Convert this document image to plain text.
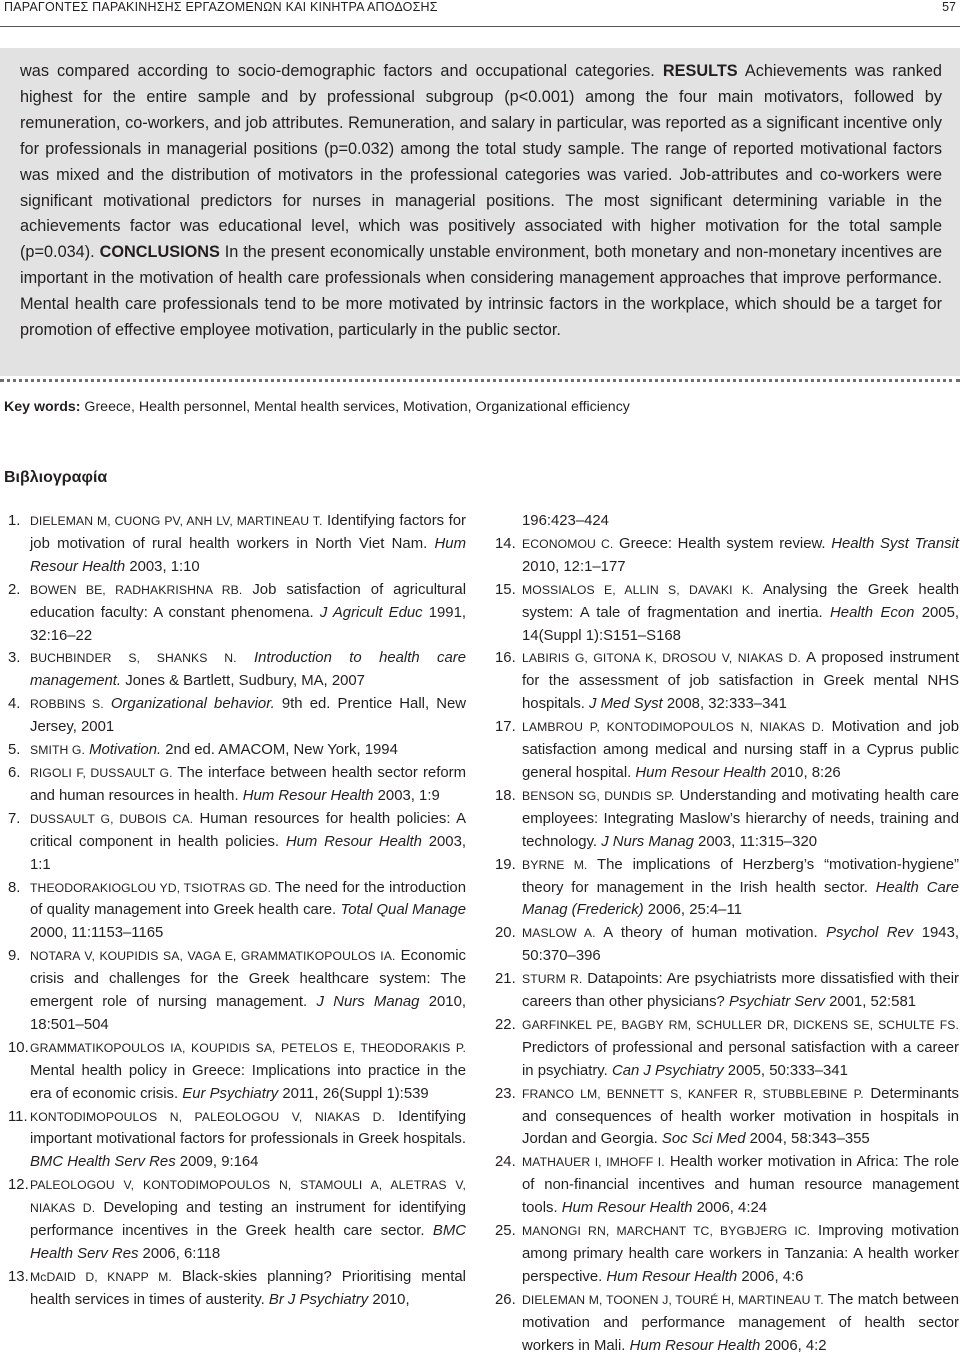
ΠΑΡΑΓΟΝΤΕΣ ΠΑΡΑΚΙΝΗΣΗΣ ΕΡΓΑΖΟΜΕΝΩΝ ΚΑΙ ΚΙΝΗΤΡΑ ΑΠΟΔΟΣΗΣ	57

was compared according to socio-demographic factors and occupational categories. RESULTS Achievements was ranked highest for the entire sample and by professional subgroup (p<0.001) among the four main motivators, followed by remuneration, co-workers, and job attributes. Remuneration, and salary in particular, was reported as a significant incentive only for professionals in managerial positions (p=0.032) among the total study sample. The range of reported motivational factors was mixed and the distribution of motivators in the professional categories was varied. Job-attributes and co-workers were significant motivational predictors for nurses in managerial positions. The most significant determining variable in the achievements factor was educational level, which was positively associated with higher motivation for the total sample (p=0.034). CONCLUSIONS In the present economically unstable environment, both monetary and non-monetary incentives are important in the motivation of health care professionals when considering management approaches that improve performance. Mental health care professionals tend to be more motivated by intrinsic factors in the workplace, which should be a target for promotion of effective employee motivation, particularly in the public sector.

Key words: Greece, Health personnel, Mental health services, Motivation, Organizational efficiency

Βιβλιογραφία
1. DIELEMAN M, CUONG PV, ANH LV, MARTINEAU T. Identifying factors for job motivation of rural health workers in North Viet Nam. Hum Resour Health 2003, 1:10
2. BOWEN BE, RADHAKRISHNA RB. Job satisfaction of agricultural education faculty: A constant phenomena. J Agricult Educ 1991, 32:16–22
3. BUCHBINDER S, SHANKS N. Introduction to health care management. Jones & Bartlett, Sudbury, MA, 2007
4. ROBBINS S. Organizational behavior. 9th ed. Prentice Hall, New Jersey, 2001
5. SMITH G. Motivation. 2nd ed. AMACOM, New York, 1994
6. RIGOLI F, DUSSAULT G. The interface between health sector reform and human resources in health. Hum Resour Health 2003, 1:9
7. DUSSAULT G, DUBOIS CA. Human resources for health policies: A critical component in health policies. Hum Resour Health 2003, 1:1
8. THEODORAKIOGLOU YD, TSIOTRAS GD. The need for the introduction of quality management into Greek health care. Total Qual Manage 2000, 11:1153–1165
9. NOTARA V, KOUPIDIS SA, VAGA E, GRAMMATIKOPOULOS IA. Economic crisis and challenges for the Greek healthcare system: The emergent role of nursing management. J Nurs Manag 2010, 18:501–504
10. GRAMMATIKOPOULOS IA, KOUPIDIS SA, PETELOS E, THEODORAKIS P. Mental health policy in Greece: Implications into practice in the era of economic crisis. Eur Psychiatry 2011, 26(Suppl 1):539
11. KONTODIMOPOULOS N, PALEOLOGOU V, NIAKAS D. Identifying important motivational factors for professionals in Greek hospitals. BMC Health Serv Res 2009, 9:164
12. PALEOLOGOU V, KONTODIMOPOULOS N, STAMOULI A, ALETRAS V, NIAKAS D. Developing and testing an instrument for identifying performance incentives in the Greek health care sector. BMC Health Serv Res 2006, 6:118
13. McDAID D, KNAPP M. Black-skies planning? Prioritising mental health services in times of austerity. Br J Psychiatry 2010,
196:423–424
14. ECONOMOU C. Greece: Health system review. Health Syst Transit 2010, 12:1–177
15. MOSSIALOS E, ALLIN S, DAVAKI K. Analysing the Greek health system: A tale of fragmentation and inertia. Health Econ 2005, 14(Suppl 1):S151–S168
16. LABIRIS G, GITONA K, DROSOU V, NIAKAS D. A proposed instrument for the assessment of job satisfaction in Greek mental NHS hospitals. J Med Syst 2008, 32:333–341
17. LAMBROU P, KONTODIMOPOULOS N, NIAKAS D. Motivation and job satisfaction among medical and nursing staff in a Cyprus public general hospital. Hum Resour Health 2010, 8:26
18. BENSON SG, DUNDIS SP. Understanding and motivating health care employees: Integrating Maslow’s hierarchy of needs, training and technology. J Nurs Manag 2003, 11:315–320
19. BYRNE M. The implications of Herzberg’s “motivation-hygiene” theory for management in the Irish health sector. Health Care Manag (Frederick) 2006, 25:4–11
20. MASLOW A. A theory of human motivation. Psychol Rev 1943, 50:370–396
21. STURM R. Datapoints: Are psychiatrists more dissatisfied with their careers than other physicians? Psychiatr Serv 2001, 52:581
22. GARFINKEL PE, BAGBY RM, SCHULLER DR, DICKENS SE, SCHULTE FS. Predictors of professional and personal satisfaction with a career in psychiatry. Can J Psychiatry 2005, 50:333–341
23. FRANCO LM, BENNETT S, KANFER R, STUBBLEBINE P. Determinants and consequences of health worker motivation in hospitals in Jordan and Georgia. Soc Sci Med 2004, 58:343–355
24. MATHAUER I, IMHOFF I. Health worker motivation in Africa: The role of non-financial incentives and human resource management tools. Hum Resour Health 2006, 4:24
25. MANONGI RN, MARCHANT TC, BYGBJERG IC. Improving motivation among primary health care workers in Tanzania: A health worker perspective. Hum Resour Health 2006, 4:6
26. DIELEMAN M, TOONEN J, TOURÉ H, MARTINEAU T. The match between motivation and performance management of health sector workers in Mali. Hum Resour Health 2006, 4:2
